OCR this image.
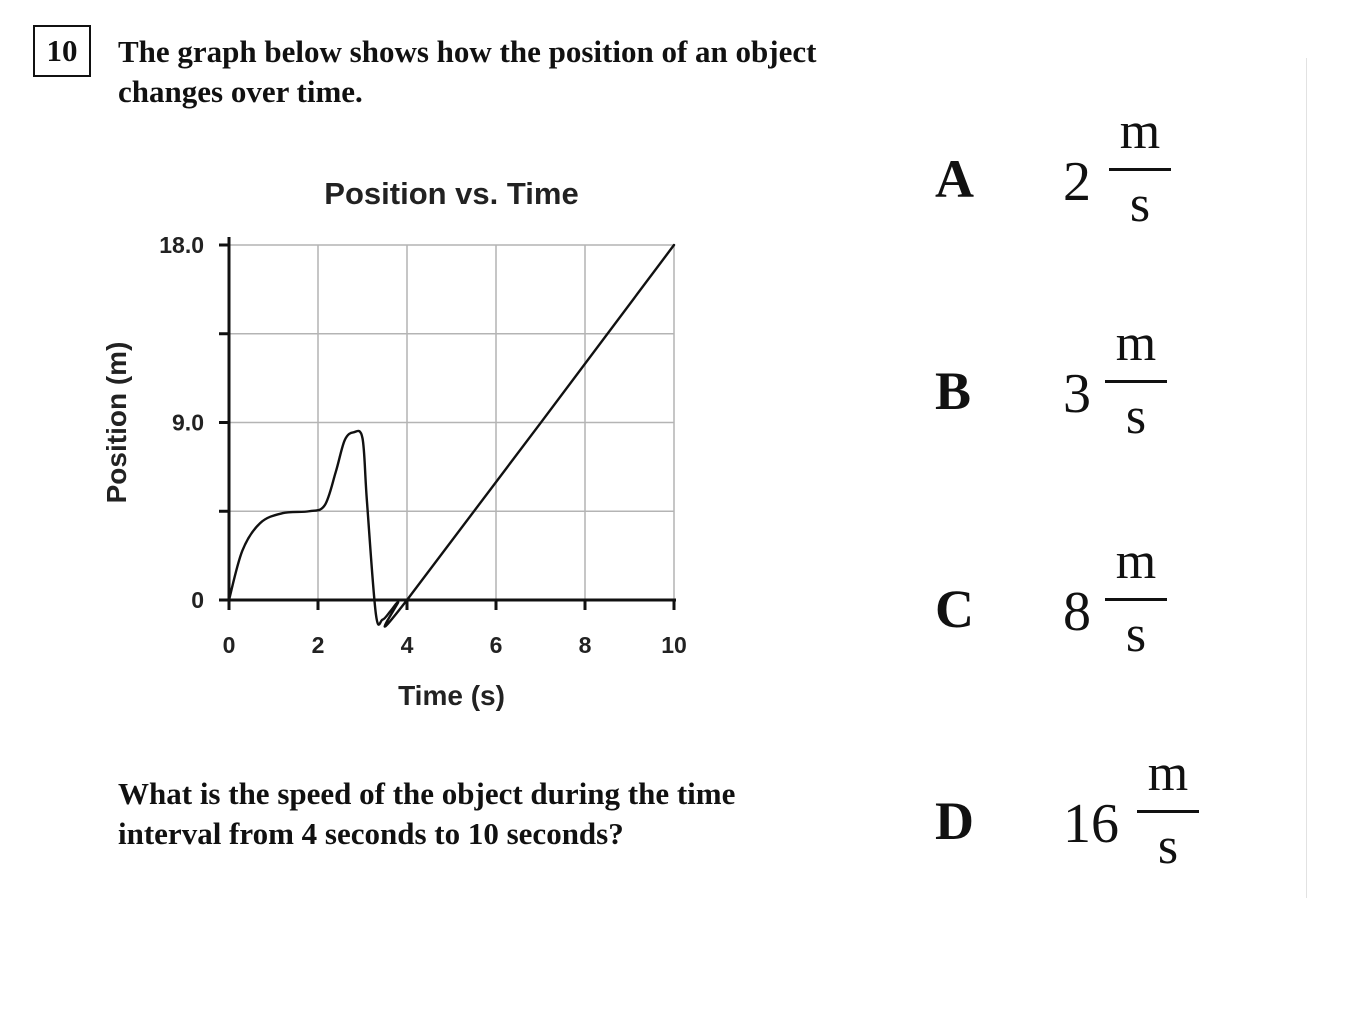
10	The graph below shows how the position of an object changes over time.

Position vs. Time
Time (s)
Position (m)
0	2	4	6	8	10
0
9.0
18.0

What is the speed of the object during the time interval from 4 seconds to 10 seconds?

A 2
m
s
B 3
m
s
C 8
m
s
D 16
m
s
